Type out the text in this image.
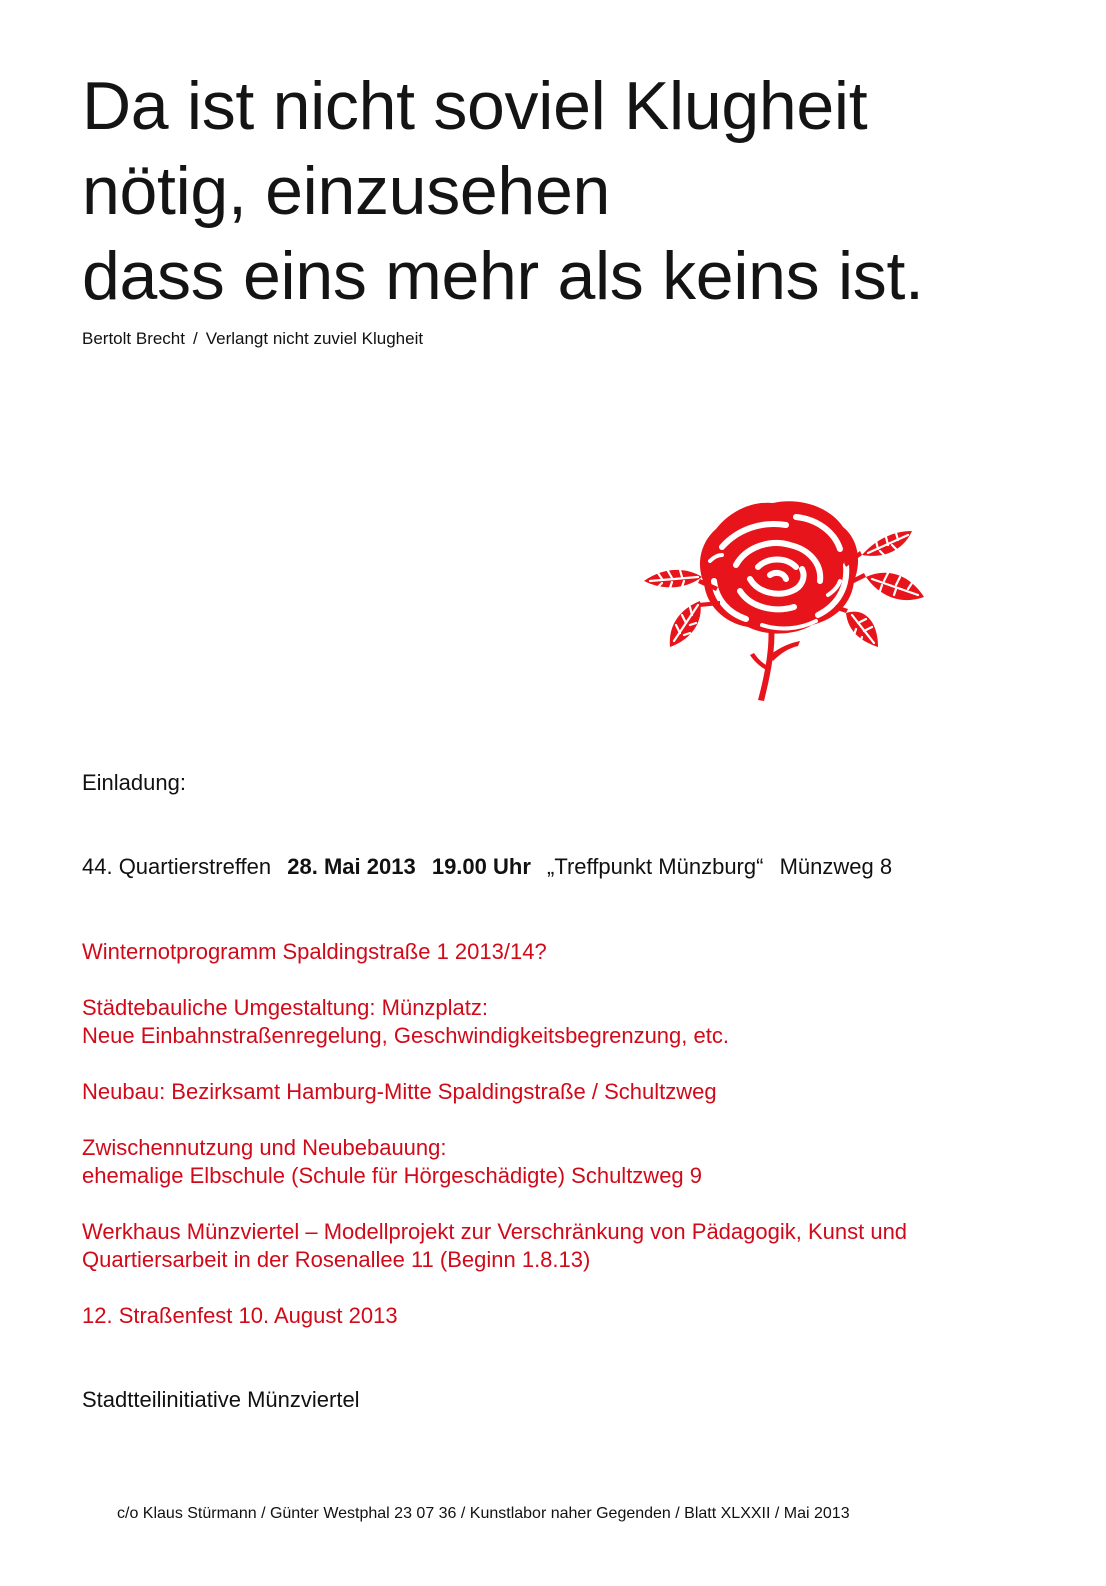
Da ist nicht soviel Klugheit
nötig, einzusehen
dass eins mehr als keins ist.
Bertolt Brecht / Verlangt nicht zuviel Klugheit
Einladung:
44. Quartierstreffen 28. Mai 2013 19.00 Uhr „Treffpunkt Münzburg“ Münzweg 8
Winternotprogramm Spaldingstraße 1 2013/14?
Städtebauliche Umgestaltung: Münzplatz:
Neue Einbahnstraßenregelung, Geschwindigkeitsbegrenzung, etc.
Neubau: Bezirksamt Hamburg-Mitte Spaldingstraße / Schultzweg
Zwischennutzung und Neubebauung:
ehemalige Elbschule (Schule für Hörgeschädigte) Schultzweg 9
Werkhaus Münzviertel – Modellprojekt zur Verschränkung von Pädagogik, Kunst und
Quartiersarbeit in der Rosenallee 11 (Beginn 1.8.13)
12. Straßenfest 10. August 2013
Stadtteilinitiative Münzviertel
c/o Klaus Stürmann / Günter Westphal 23 07 36 / Kunstlabor naher Gegenden / Blatt XLXXII / Mai 2013
